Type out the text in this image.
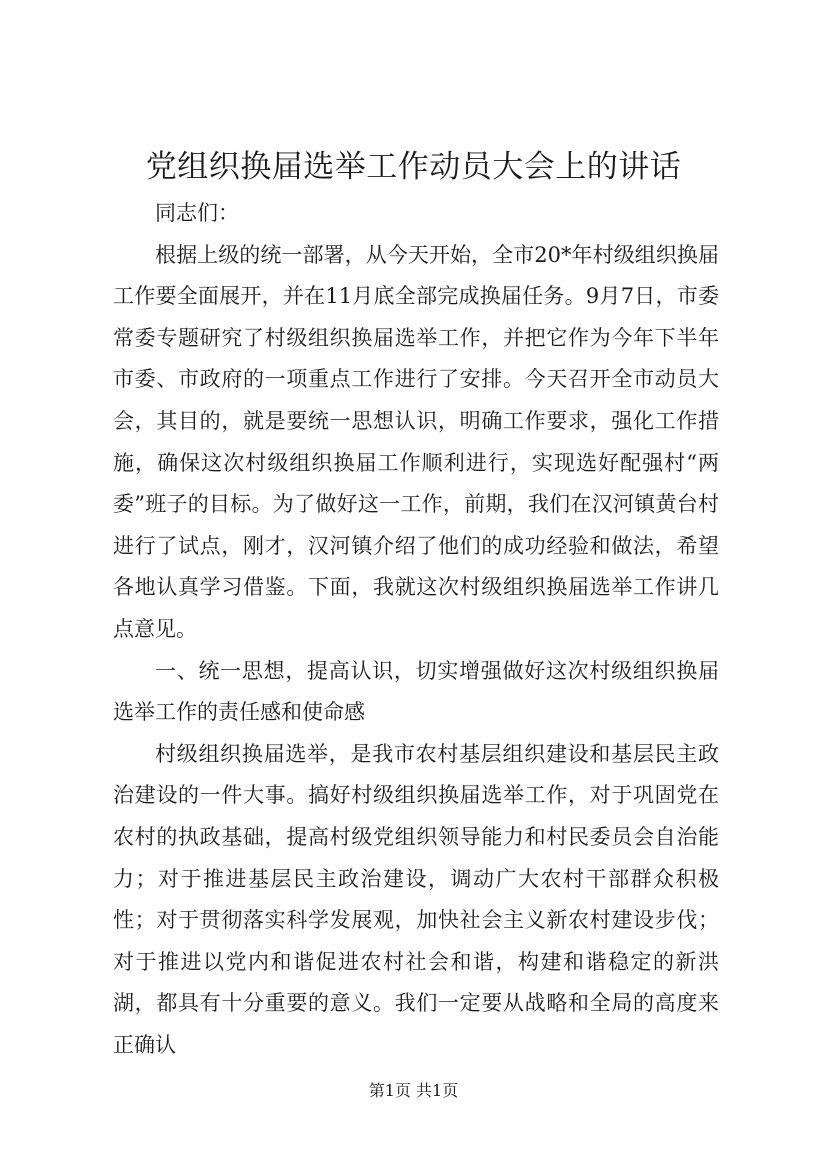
党组织换届选举工作动员大会上的讲话

同志们：

根据上级的统一部署，从今天开始，全市20*年村级组织换届工作要全面展开，并在11月底全部完成换届任务。9月7日，市委常委专题研究了村级组织换届选举工作，并把它作为今年下半年市委、市政府的一项重点工作进行了安排。今天召开全市动员大会，其目的，就是要统一思想认识，明确工作要求，强化工作措施，确保这次村级组织换届工作顺利进行，实现选好配强村“两委”班子的目标。为了做好这一工作，前期，我们在汉河镇黄台村进行了试点，刚才，汉河镇介绍了他们的成功经验和做法，希望各地认真学习借鉴。下面，我就这次村级组织换届选举工作讲几点意见。

一、统一思想，提高认识，切实增强做好这次村级组织换届选举工作的责任感和使命感

村级组织换届选举，是我市农村基层组织建设和基层民主政治建设的一件大事。搞好村级组织换届选举工作，对于巩固党在农村的执政基础，提高村级党组织领导能力和村民委员会自治能力；对于推进基层民主政治建设，调动广大农村干部群众积极性；对于贯彻落实科学发展观，加快社会主义新农村建设步伐；对于推进以党内和谐促进农村社会和谐，构建和谐稳定的新洪湖，都具有十分重要的意义。我们一定要从战略和全局的高度来正确认

第1页 共1页
